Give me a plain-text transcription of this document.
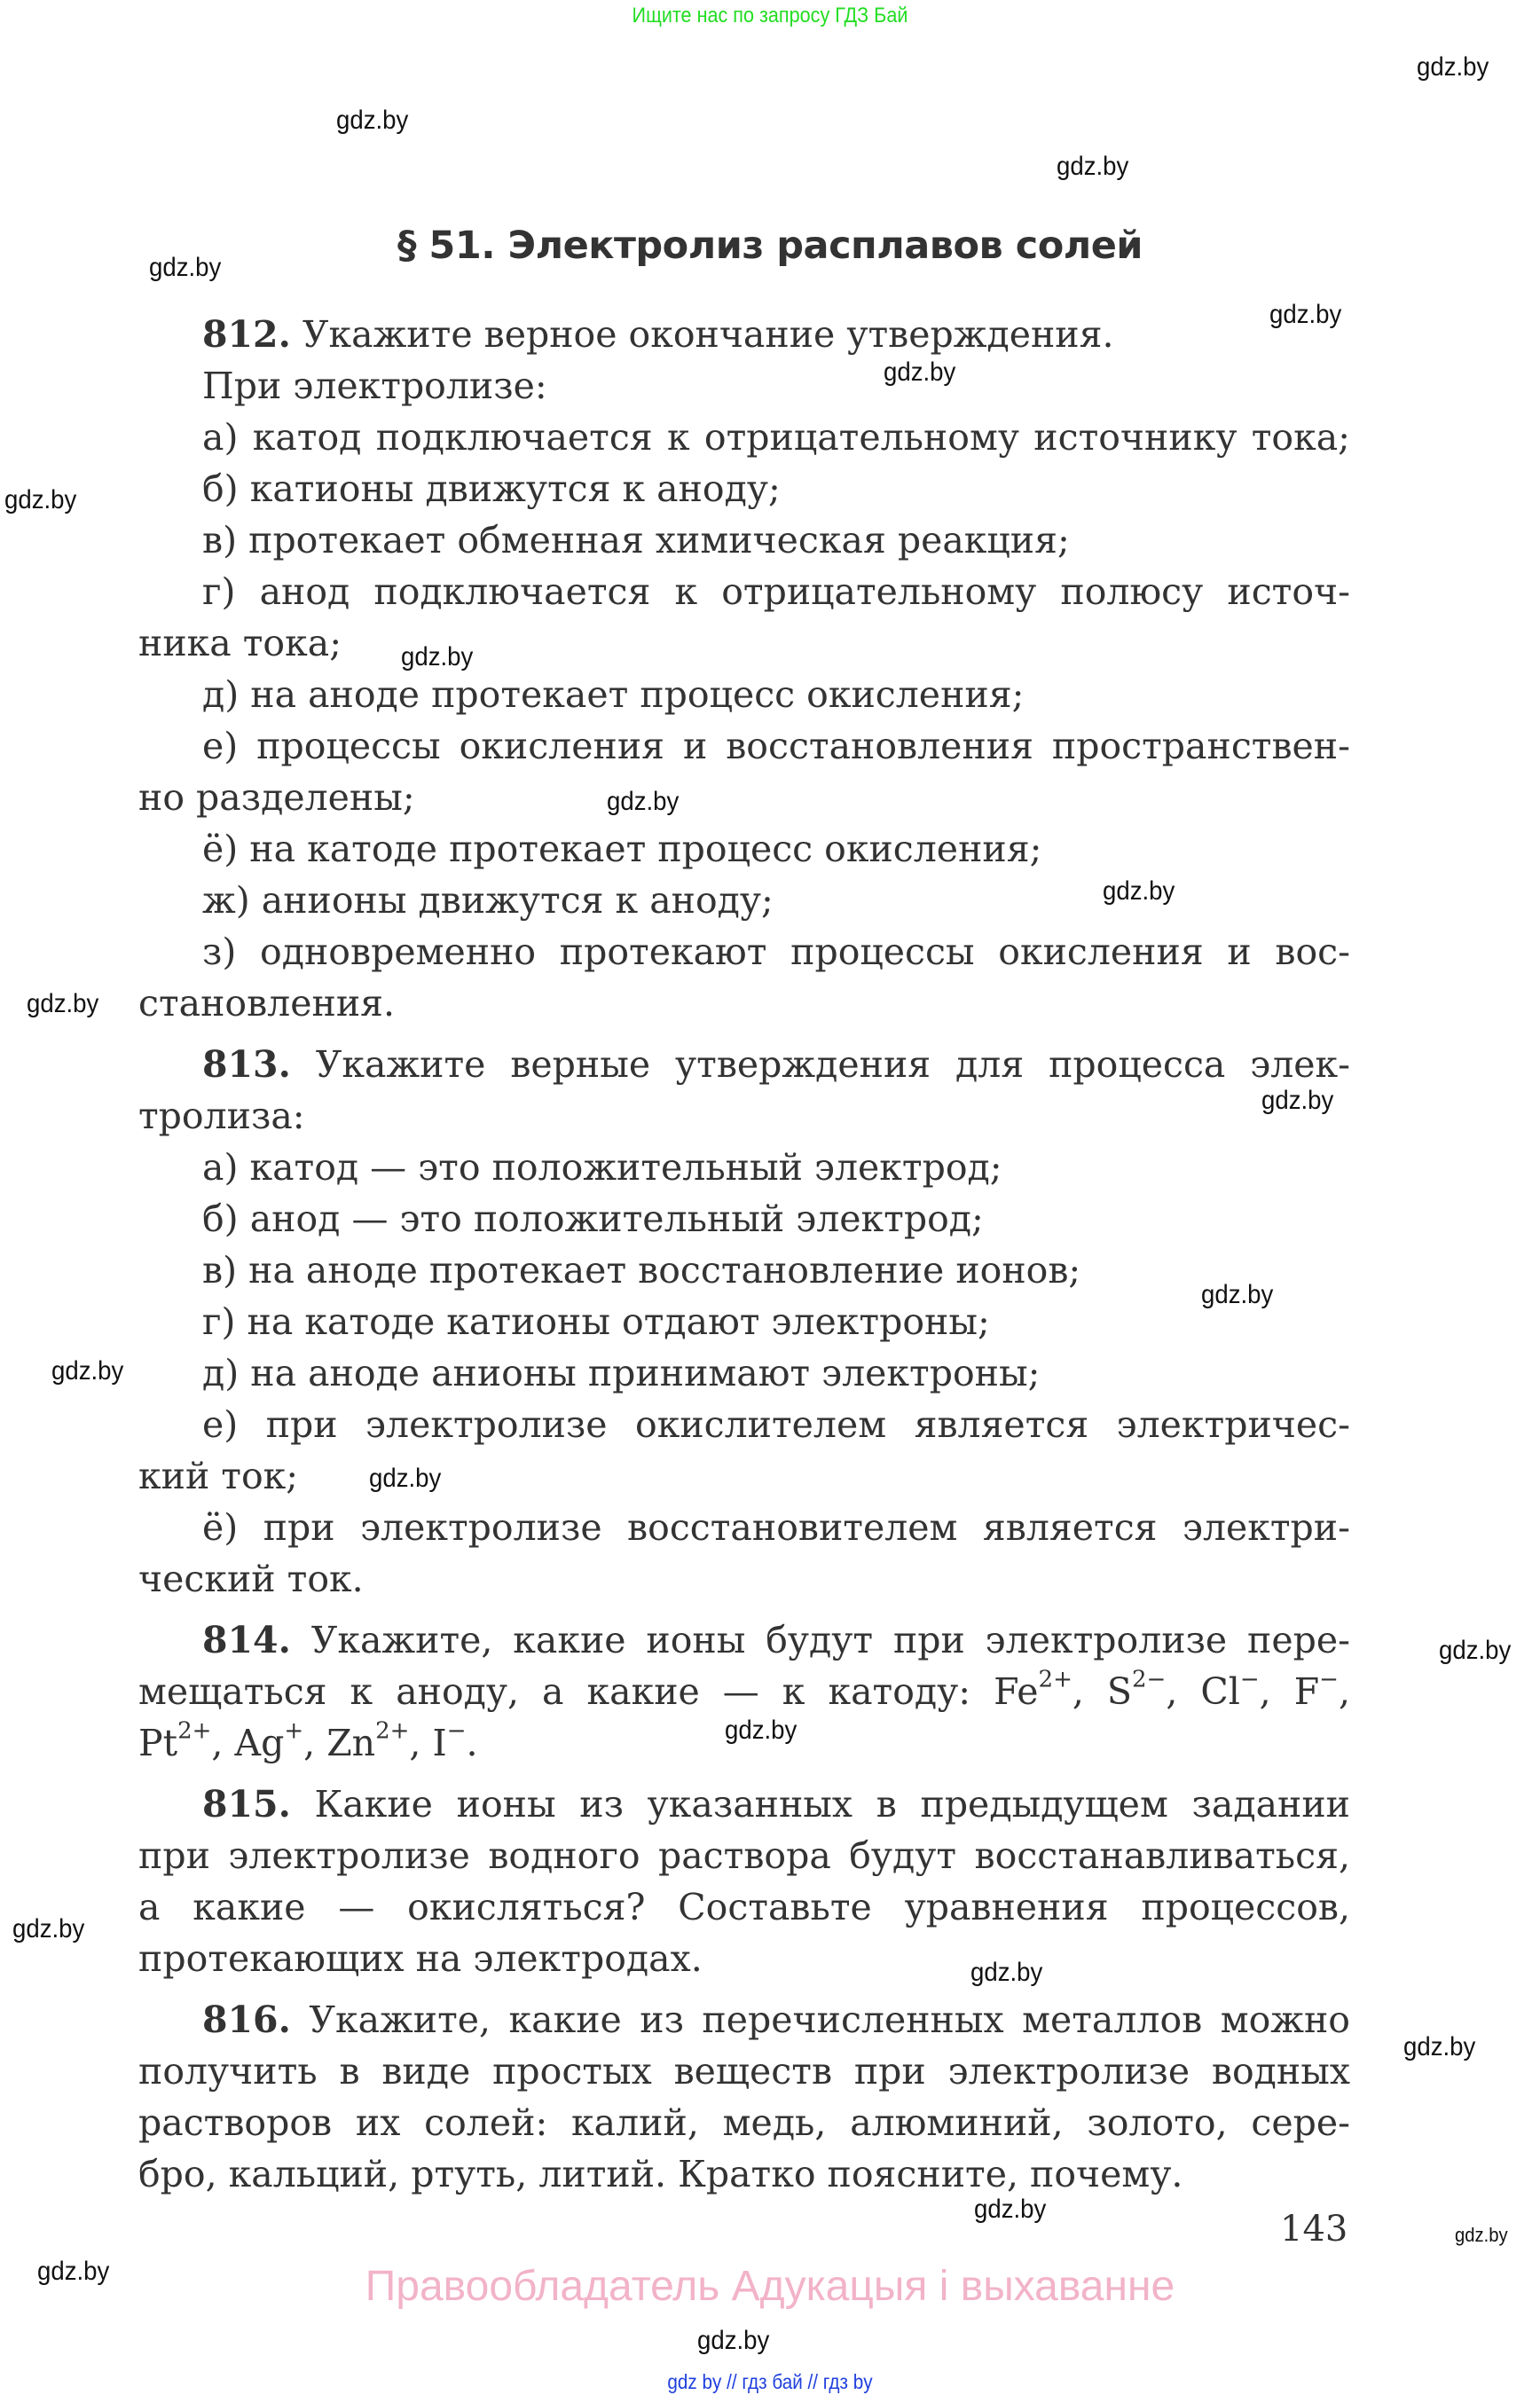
Ищите нас по запросу ГДЗ Бай
gdz.by
gdz.by
gdz.by
gdz.by
gdz.by
gdz.by
gdz.by
gdz.by
gdz.by
gdz.by
gdz.by
gdz.by
gdz.by
gdz.by
gdz.by
gdz.by
gdz.by
gdz.by
gdz.by
gdz.by
gdz.by
gdz.by
gdz.by
gdz.by
§ 51. Электролиз расплавов солей
812. Укажите верное окончание утверждения.
При электролизе:
а) катод подключается к отрицательному источнику тока;
б) катионы движутся к аноду;
в) протекает обменная химическая реакция;
г) анод подключается к отрицательному полюсу источ-
ника тока;
д) на аноде протекает процесс окисления;
е) процессы окисления и восстановления пространствен-
но разделены;
ё) на катоде протекает процесс окисления;
ж) анионы движутся к аноду;
з) одновременно протекают процессы окисления и вос-
становления.
813. Укажите верные утверждения для процесса элек-
тролиза:
а) катод — это положительный электрод;
б) анод — это положительный электрод;
в) на аноде протекает восстановление ионов;
г) на катоде катионы отдают электроны;
д) на аноде анионы принимают электроны;
е) при электролизе окислителем является электричес-
кий ток;
ё) при электролизе восстановителем является электри-
ческий ток.
814. Укажите, какие ионы будут при электролизе пере-
мещаться к аноду, а какие — к катоду: $Fe^{2+}$, $S^{2-}$, Cl−, F−,
$Pt^{2+}$, Ag+, $Zn^{2+}$, I−.
815. Какие ионы из указанных в предыдущем задании
при электролизе водного раствора будут восстанавливаться,
а какие — окисляться? Составьте уравнения процессов,
протекающих на электродах.
816. Укажите, какие из перечисленных металлов можно
получить в виде простых веществ при электролизе водных
растворов их солей: калий, медь, алюминий, золото, сере-
бро, кальций, ртуть, литий. Кратко поясните, почему.
143
Правообладатель Адукацыя і выхаванне
gdz by // гдз бай // гдз by
